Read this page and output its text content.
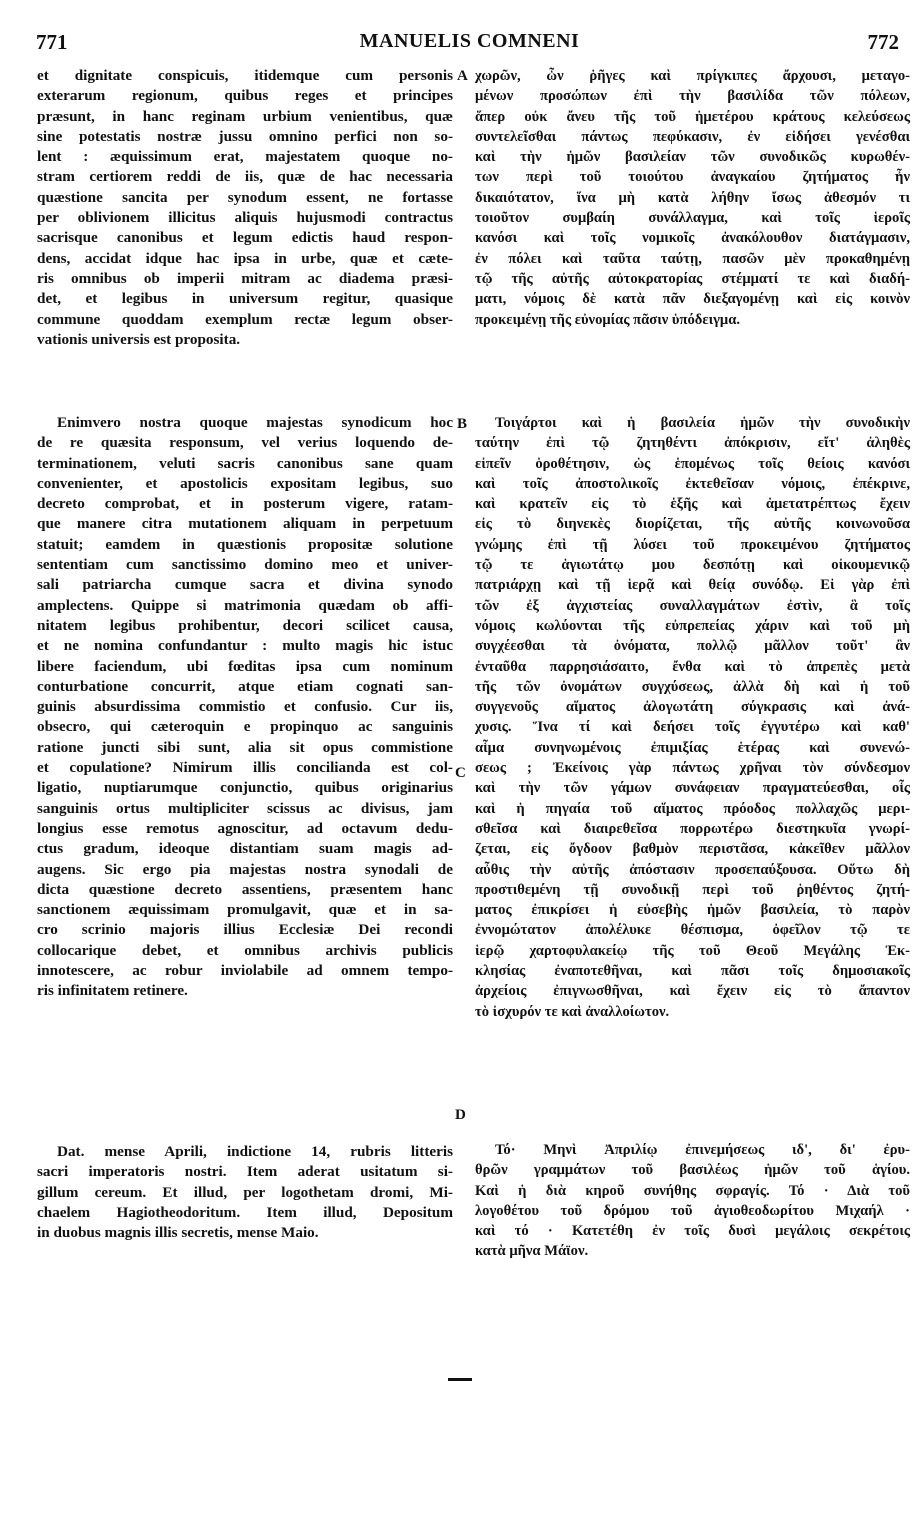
771	MANUELIS COMNENI	772
A
B
C
D
et dignitate conspicuis, itidemque cum personis
exterarum regionum, quibus reges et principes
præsunt, in hanc reginam urbium venientibus, quæ
sine potestatis nostræ jussu omnino perfici non so-
lent : æquissimum erat, majestatem quoque no-
stram certiorem reddi de iis, quæ de hac necessaria
quæstione sancita per synodum essent, ne fortasse
per oblivionem illicitus aliquis hujusmodi contractus
sacrisque canonibus et legum edictis haud respon-
dens, accidat idque hac ipsa in urbe, quæ et cæte-
ris omnibus ob imperii mitram ac diadema præsi-
det, et legibus in universum regitur, quasique
commune quoddam exemplum rectæ legum obser-
vationis universis est proposita.
Enimvero nostra quoque majestas synodicum hoc
de re quæsita responsum, vel verius loquendo de-
terminationem, veluti sacris canonibus sane quam
convenienter, et apostolicis expositam legibus, suo
decreto comprobat, et in posterum vigere, ratam-
que manere citra mutationem aliquam in perpetuum
statuit; eamdem in quæstionis propositæ solutione
sententiam cum sanctissimo domino meo et univer-
sali patriarcha cumque sacra et divina synodo
amplectens. Quippe si matrimonia quædam ob affi-
nitatem legibus prohibentur, decori scilicet causa,
et ne nomina confundantur : multo magis hic istuc
libere faciendum, ubi fœditas ipsa cum nominum
conturbatione concurrit, atque etiam cognati san-
guinis absurdissima commistio et confusio. Cur iis,
obsecro, qui cæteroquin e propinquo ac sanguinis
ratione juncti sibi sunt, alia sit opus commistione
et copulatione? Nimirum illis concilianda est col-
ligatio, nuptiarumque conjunctio, quibus originarius
sanguinis ortus multipliciter scissus ac divisus, jam
longius esse remotus agnoscitur, ad octavum dedu-
ctus gradum, ideoque distantiam suam magis ad-
augens. Sic ergo pia majestas nostra synodali de
dicta quæstione decreto assentiens, præsentem hanc
sanctionem æquissimam promulgavit, quæ et in sa-
cro scrinio majoris illius Ecclesiæ Dei recondi
collocarique debet, et omnibus archivis publicis
innotescere, ac robur inviolabile ad omnem tempo-
ris infinitatem retinere.
Dat. mense Aprili, indictione 14, rubris litteris
sacri imperatoris nostri. Item aderat usitatum si-
gillum cereum. Et illud, per logothetam dromi, Mi-
chaelem Hagiotheodoritum. Item illud, Depositum
in duobus magnis illis secretis, mense Maio.
χωρῶν, ὧν ῥῆγες καὶ πρίγκιπες ἄρχουσι, μεταγο-
μένων προσώπων ἐπὶ τὴν βασιλίδα τῶν πόλεων,
ἅπερ οὐκ ἄνευ τῆς τοῦ ἡμετέρου κράτους κελεύσεως
συντελεῖσθαι πάντως πεφύκασιν, ἐν εἰδήσει γενέσθαι
καὶ τὴν ἡμῶν βασιλείαν τῶν συνοδικῶς κυρωθέν-
των περὶ τοῦ τοιούτου ἀναγκαίου ζητήματος ἦν
δικαιότατον, ἵνα μὴ κατὰ λήθην ἴσως ἀθεσμόν τι
τοιοῦτον συμβαίη συνάλλαγμα, καὶ τοῖς ἱεροῖς
κανόσι καὶ τοῖς νομικοῖς ἀνακόλουθον διατάγμασιν,
ἐν πόλει καὶ ταῦτα ταύτῃ, πασῶν μὲν προκαθημένῃ
τῷ τῆς αὐτῆς αὐτοκρατορίας στέμματί τε καὶ διαδή-
ματι, νόμοις δὲ κατὰ πᾶν διεξαγομένῃ καὶ εἰς κοινὸν
προκειμένῃ τῆς εὐνομίας πᾶσιν ὑπόδειγμα.
Τοιγάρτοι καὶ ἡ βασιλεία ἡμῶν τὴν συνοδικὴν
ταύτην ἐπὶ τῷ ζητηθέντι ἀπόκρισιν, εἴτ' ἀληθὲς
εἰπεῖν ὁροθέτησιν, ὡς ἑπομένως τοῖς θείοις κανόσι
καὶ τοῖς ἀποστολικοῖς ἐκτεθεῖσαν νόμοις, ἐπέκρινε,
καὶ κρατεῖν εἰς τὸ ἑξῆς καὶ ἀμετατρέπτως ἔχειν
εἰς τὸ διηνεκὲς διορίζεται, τῆς αὐτῆς κοινωνοῦσα
γνώμης ἐπὶ τῇ λύσει τοῦ προκειμένου ζητήματος
τῷ τε ἁγιωτάτῳ μου δεσπότῃ καὶ οἰκουμενικῷ
πατριάρχῃ καὶ τῇ ἱερᾷ καὶ θείᾳ συνόδῳ. Εἰ γὰρ ἐπὶ
τῶν ἐξ ἀγχιστείας συναλλαγμάτων ἐστὶν, ἃ τοῖς
νόμοις κωλύονται τῆς εὐπρεπείας χάριν καὶ τοῦ μὴ
συγχέεσθαι τὰ ὀνόματα, πολλῷ μᾶλλον τοῦτ' ἂν
ἐνταῦθα παρρησιάσαιτο, ἔνθα καὶ τὸ ἀπρεπὲς μετὰ
τῆς τῶν ὀνομάτων συγχύσεως, ἀλλὰ δὴ καὶ ἡ τοῦ
συγγενοῦς αἵματος ἀλογωτάτη σύγκρασις καὶ ἀνά-
χυσις. Ἵνα τί καὶ δεήσει τοῖς ἐγγυτέρω καὶ καθ'
αἷμα συνηνωμένοις ἐπιμιξίας ἑτέρας καὶ συνενώ-
σεως ; Ἐκείνοις γὰρ πάντως χρῆναι τὸν σύνδεσμον
καὶ τὴν τῶν γάμων συνάφειαν πραγματεύεσθαι, οἷς
καὶ ἡ πηγαία τοῦ αἵματος πρόοδος πολλαχῶς μερι-
σθεῖσα καὶ διαιρεθεῖσα πορρωτέρω διεστηκυῖα γνωρί-
ζεται, εἰς ὄγδοον βαθμὸν περιστᾶσα, κἀκεῖθεν μᾶλλον
αὖθις τὴν αὐτῆς ἀπόστασιν προσεπαύξουσα. Οὕτω δὴ
προστιθεμένη τῇ συνοδικῇ περὶ τοῦ ῥηθέντος ζητή-
ματος ἐπικρίσει ἡ εὐσεβὴς ἡμῶν βασιλεία, τὸ παρὸν
ἐννομώτατον ἀπολέλυκε θέσπισμα, ὀφεῖλον τῷ τε
ἱερῷ χαρτοφυλακείῳ τῆς τοῦ Θεοῦ Μεγάλης Ἐκ-
κλησίας ἐναποτεθῆναι, καὶ πᾶσι τοῖς δημοσιακοῖς
ἀρχείοις ἐπιγνωσθῆναι, καὶ ἔχειν εἰς τὸ ἄπαντον
τὸ ἰσχυρόν τε καὶ ἀναλλοίωτον.
Τό· Μηνὶ Ἀπριλίῳ ἐπινεμήσεως ιδ', δι' ἐρυ-
θρῶν γραμμάτων τοῦ βασιλέως ἡμῶν τοῦ ἁγίου.
Καὶ ἡ διὰ κηροῦ συνήθης σφραγίς. Τό · Διὰ τοῦ
λογοθέτου τοῦ δρόμου τοῦ ἁγιοθεοδωρίτου Μιχαήλ ·
καὶ τό · Κατετέθη ἐν τοῖς δυσὶ μεγάλοις σεκρέτοις
κατὰ μῆνα Μάϊον.
